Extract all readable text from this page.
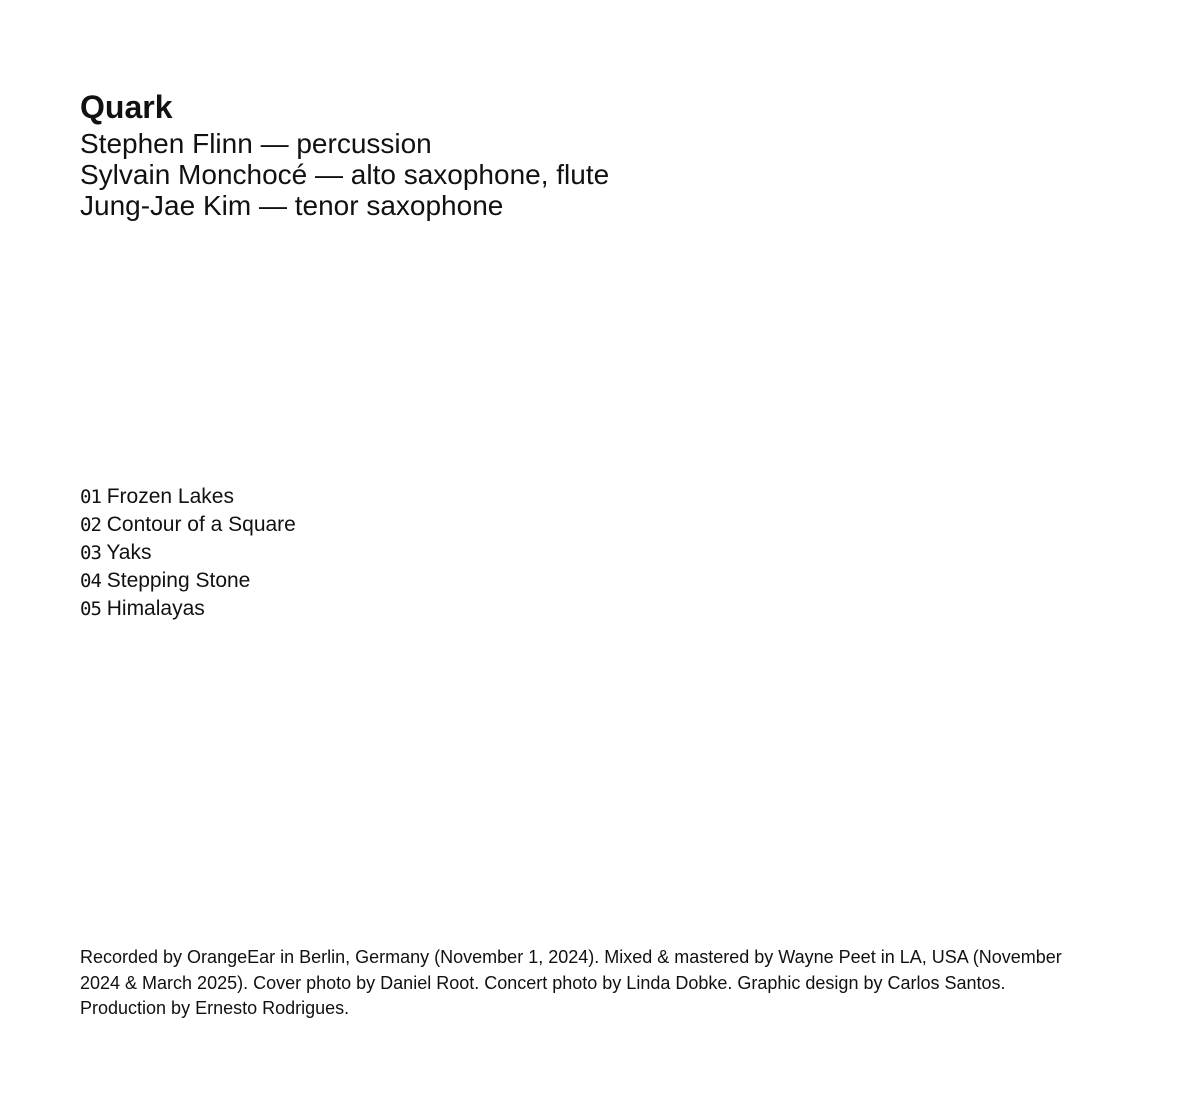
Quark
Stephen Flinn — percussion
Sylvain Monchocé — alto saxophone, flute
Jung-Jae Kim — tenor saxophone
01 Frozen Lakes
02 Contour of a Square
03 Yaks
04 Stepping Stone
05 Himalayas

Recorded by OrangeEar in Berlin, Germany (November 1, 2024). Mixed & mastered by Wayne Peet in LA, USA (November 2024 & March 2025). Cover photo by Daniel Root. Concert photo by Linda Dobke. Graphic design by Carlos Santos. Production by Ernesto Rodrigues.
